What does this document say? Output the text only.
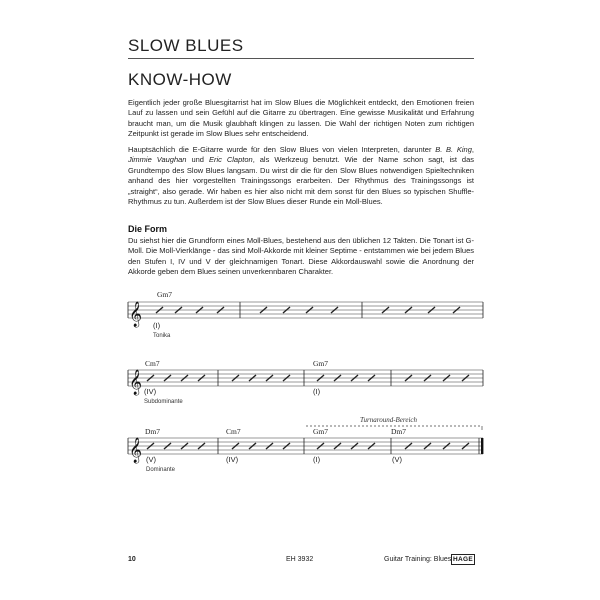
SLOW BLUES
KNOW-HOW

Eigentlich jeder große Bluesgitarrist hat im Slow Blues die Möglichkeit entdeckt, den Emotionen freien Lauf zu lassen und sein Gefühl auf die Gitarre zu übertragen. Eine gewisse Musikalität und Erfahrung braucht man, um die Musik glaubhaft klingen zu lassen. Die Wahl der richtigen Noten zum richtigen Zeitpunkt ist gerade im Slow Blues sehr entscheidend.

Hauptsächlich die E-Gitarre wurde für den Slow Blues von vielen Interpreten, darunter B. B. King, Jimmie Vaughan und Eric Clapton, als Werkzeug benutzt. Wie der Name schon sagt, ist das Grundtempo des Slow Blues langsam. Du wirst dir die für den Slow Blues notwendigen Spieltechniken anhand des hier vorgestellten Trainingssongs erarbeiten. Der Rhythmus des Trainingssongs ist „straight“, also gerade. Wir haben es hier also nicht mit dem sonst für den Blues so typischen Shuffle-Rhythmus zu tun. Außerdem ist der Slow Blues dieser Runde ein Moll-Blues.

Die Form

Du siehst hier die Grundform eines Moll-Blues, bestehend aus den üblichen 12 Takten. Die Tonart ist G-Moll. Die Moll-Vierklänge - das sind Moll-Akkorde mit kleiner Septime - entstammen wie bei jedem Blues den Stufen I, IV und V der gleichnamigen Tonart. Diese Akkordauswahl sowie die Anordnung der Akkorde geben dem Blues seinen unverkennbaren Charakter.

𝄞
Gm7
(I)
Tonika
𝄞
Cm7	Gm7
(IV)	(I)
Subdominante
Turnaround-Bereich
𝄞
Dm7	Cm7	Gm7	Dm7
(V)	(IV)	(I)	(V)
Dominante
10	EH 3932	Guitar Training: Blues HAGE
